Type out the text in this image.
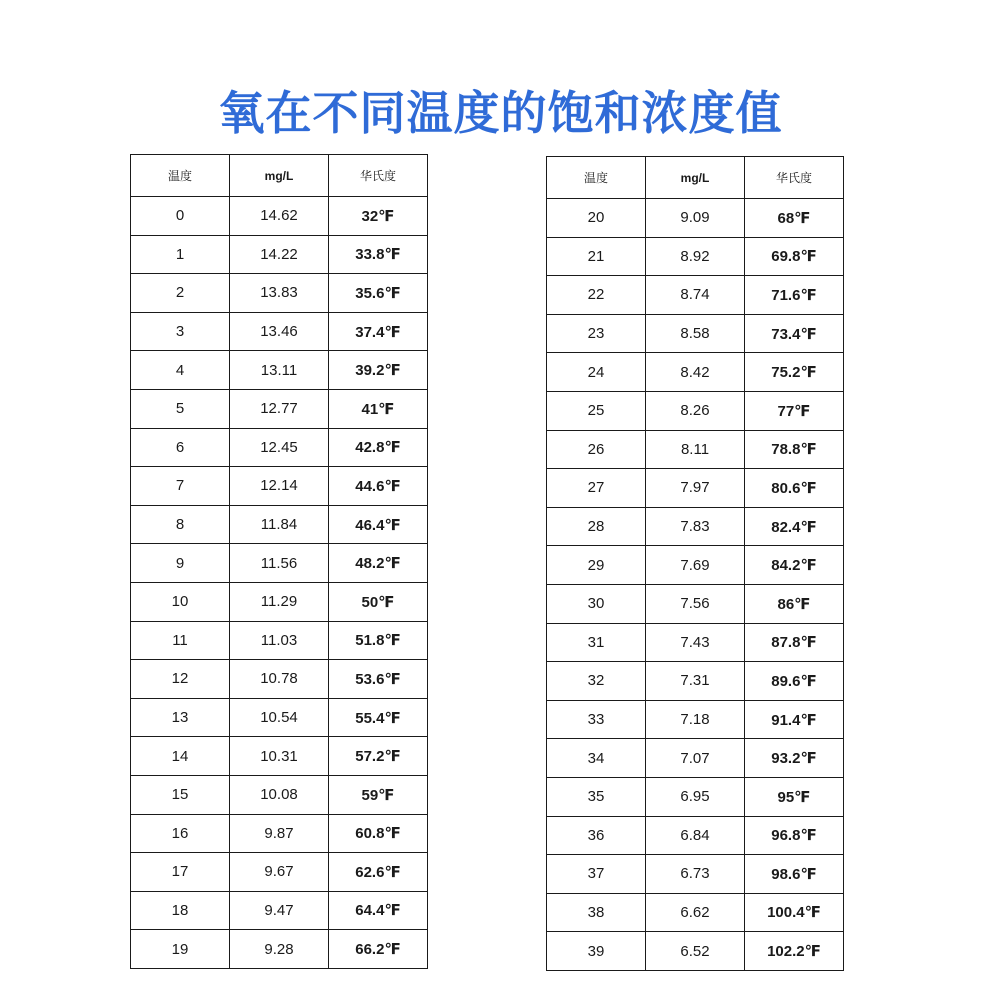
氧在不同温度的饱和浓度值
温度	mg/L	华氏度
0	14.62	32℉
1	14.22	33.8℉
2	13.83	35.6℉
3	13.46	37.4℉
4	13.11	39.2℉
5	12.77	41℉
6	12.45	42.8℉
7	12.14	44.6℉
8	11.84	46.4℉
9	11.56	48.2℉
10	11.29	50℉
11	11.03	51.8℉
12	10.78	53.6℉
13	10.54	55.4℉
14	10.31	57.2℉
15	10.08	59℉
16	9.87	60.8℉
17	9.67	62.6℉
18	9.47	64.4℉
19	9.28	66.2℉
温度	mg/L	华氏度
20	9.09	68℉
21	8.92	69.8℉
22	8.74	71.6℉
23	8.58	73.4℉
24	8.42	75.2℉
25	8.26	77℉
26	8.11	78.8℉
27	7.97	80.6℉
28	7.83	82.4℉
29	7.69	84.2℉
30	7.56	86℉
31	7.43	87.8℉
32	7.31	89.6℉
33	7.18	91.4℉
34	7.07	93.2℉
35	6.95	95℉
36	6.84	96.8℉
37	6.73	98.6℉
38	6.62	100.4℉
39	6.52	102.2℉
